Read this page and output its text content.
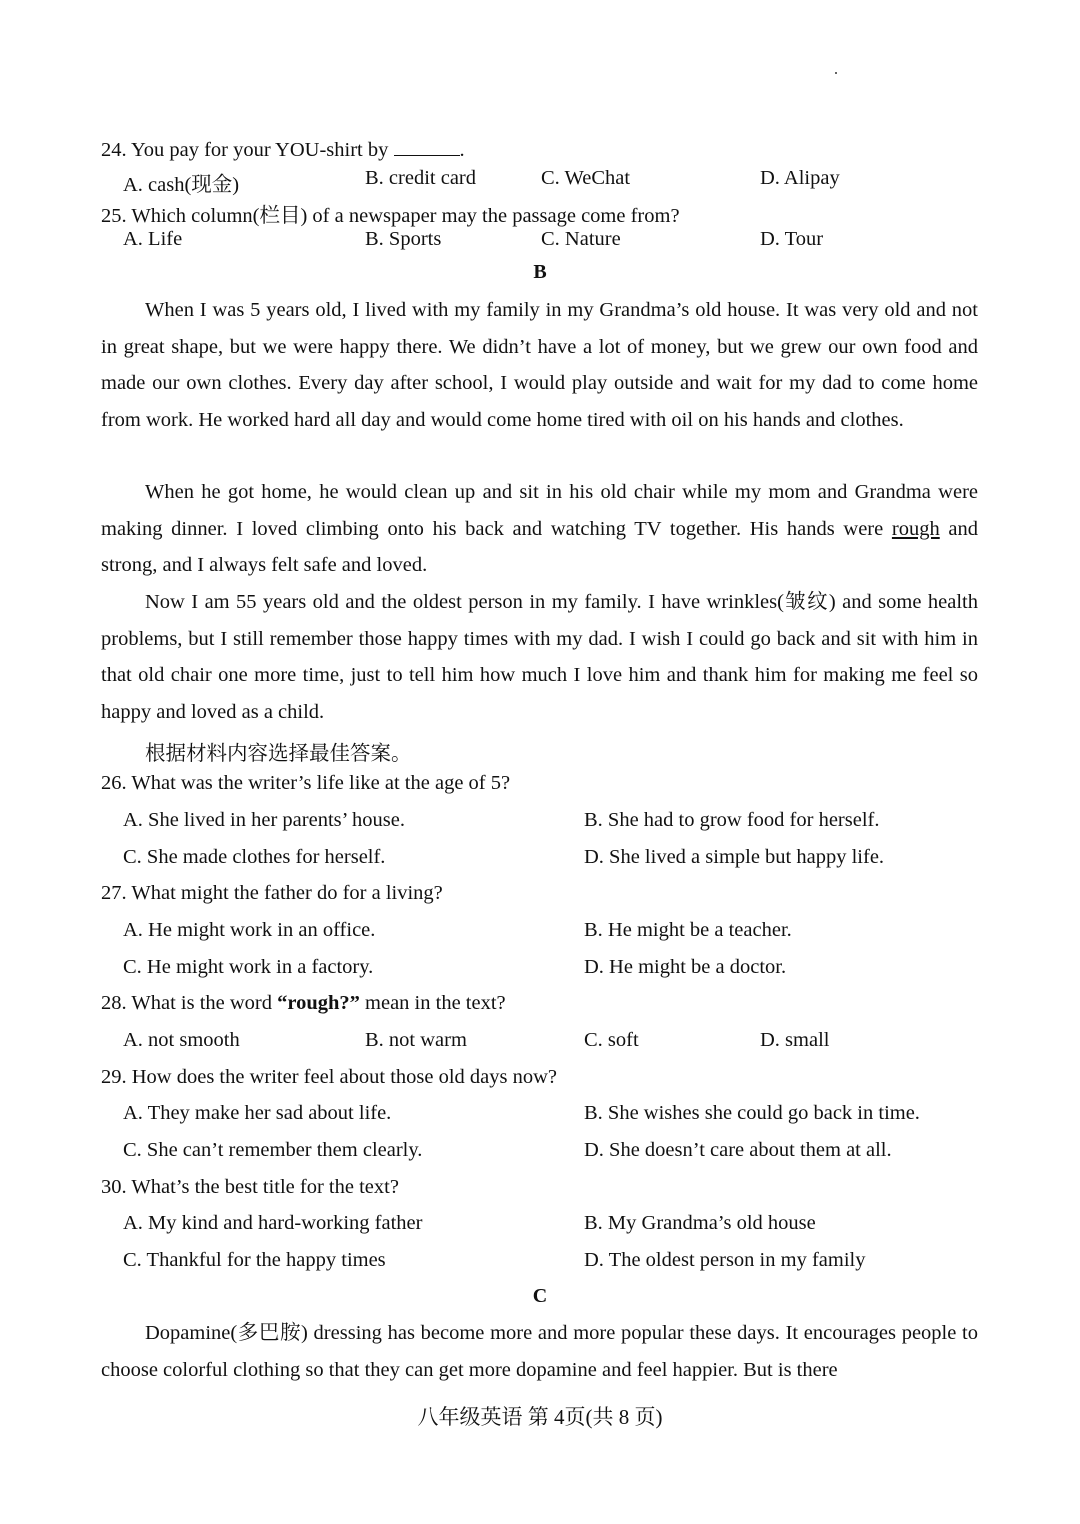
24. You pay for your YOU-shirt by	.
A. cash(现金)	B. credit card	C. WeChat	D. Alipay
25. Which column(栏目) of a newspaper may the passage come from?
A. Life	B. Sports	C. Nature	D. Tour
B

When I was 5 years old, I lived with my family in my Grandma’s old house. It was very old and not in great shape, but we were happy there. We didn’t have a lot of money, but we grew our own food and made our own clothes. Every day after school, I would play outside and wait for my dad to come home from work. He worked hard all day and would come home tired with oil on his hands and clothes.

When he got home, he would clean up and sit in his old chair while my mom and Grandma were making dinner. I loved climbing onto his back and watching TV together. His hands were rough and strong, and I always felt safe and loved.

Now I am 55 years old and the oldest person in my family. I have wrinkles(皱纹) and some health problems, but I still remember those happy times with my dad. I wish I could go back and sit with him in that old chair one more time, just to tell him how much I love him and thank him for making me feel so happy and loved as a child.

根据材料内容选择最佳答案。
26. What was the writer’s life like at the age of 5?
A. She lived in her parents’ house.	B. She had to grow food for herself.
C. She made clothes for herself.	D. She lived a simple but happy life.
27. What might the father do for a living?
A. He might work in an office.	B. He might be a teacher.
C. He might work in a factory.	D. He might be a doctor.
28. What is the word “rough?” mean in the text?
A. not smooth	B. not warm	C. soft	D. small
29. How does the writer feel about those old days now?
A. They make her sad about life.	B. She wishes she could go back in time.
C. She can’t remember them clearly.	D. She doesn’t care about them at all.
30. What’s the best title for the text?
A. My kind and hard-working father	B. My Grandma’s old house
C. Thankful for the happy times	D. The oldest person in my family
C

Dopamine(多巴胺) dressing has become more and more popular these days. It encourages people to choose colorful clothing so that they can get more dopamine and feel happier. But is there

八年级英语 第 4页(共 8 页)
